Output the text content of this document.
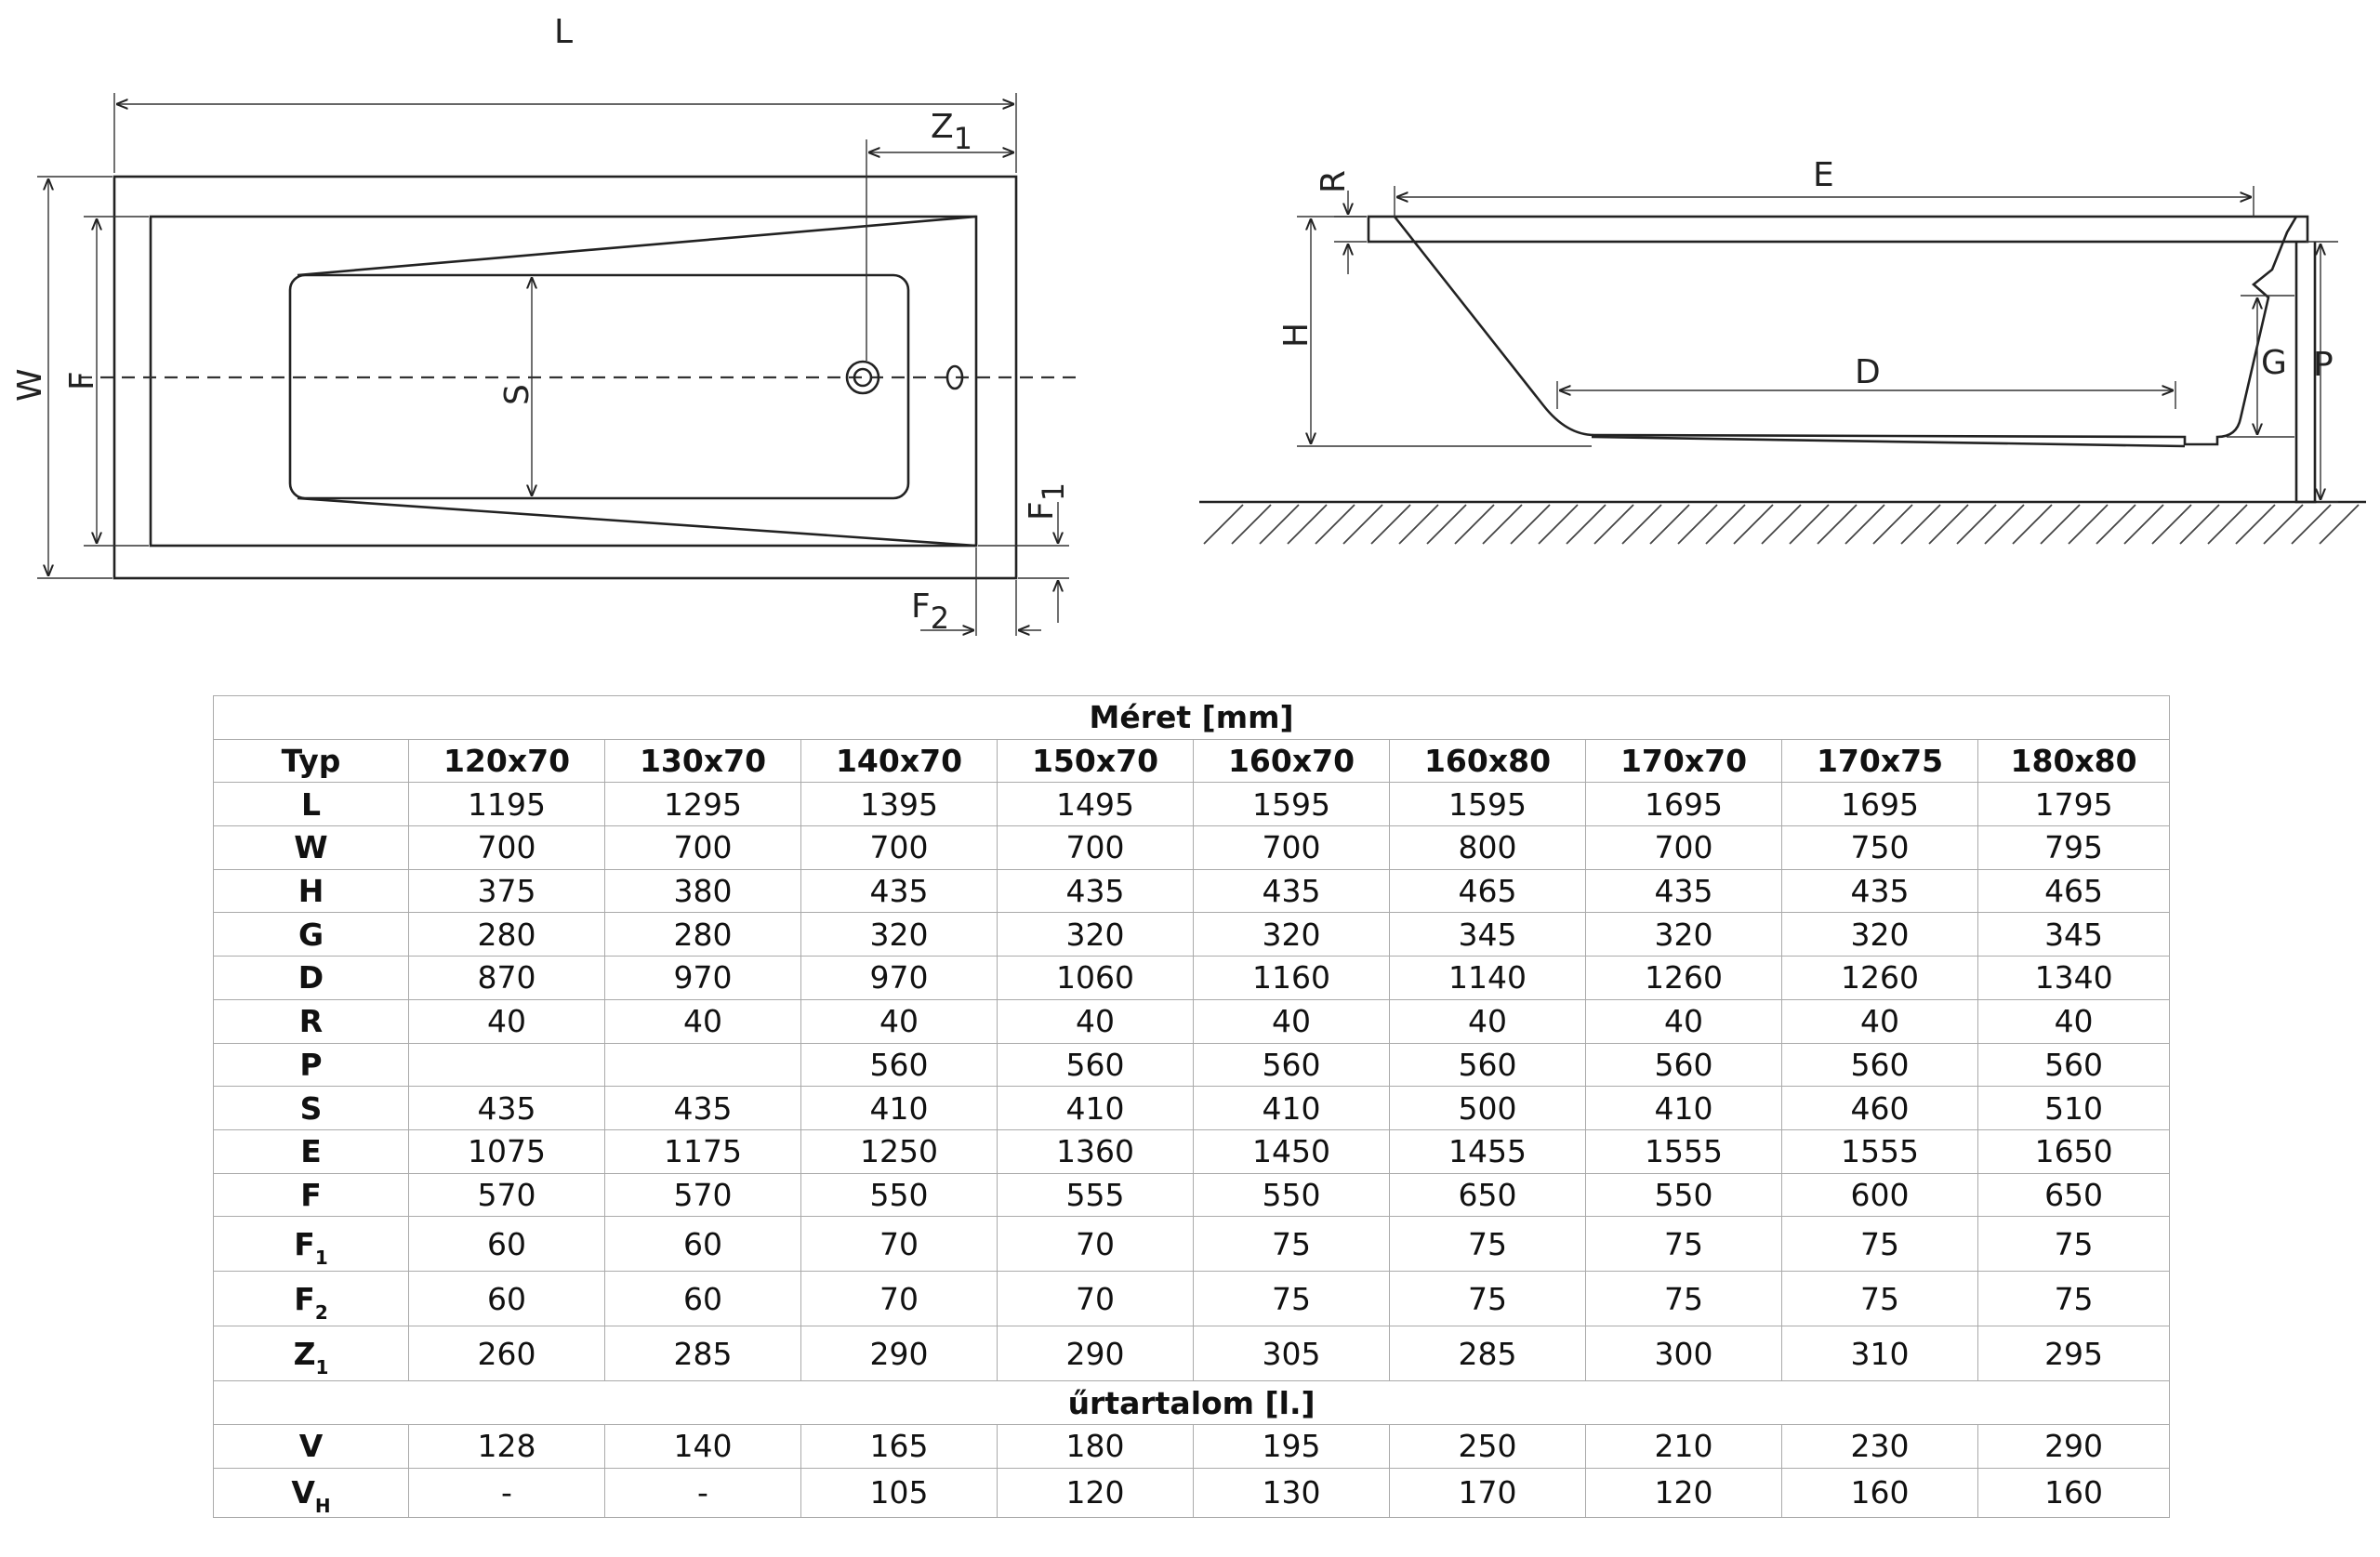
L
Z1
W F
S
F1
F2
R	E
H
D	G P
Méret [mm]									
Typ	120x70	130x70	140x70	150x70	160x70	160x80	170x70	170x75	180x80
L	1195	1295	1395	1495	1595	1595	1695	1695	1795
W	700	700	700	700	700	800	700	750	795
H	375	380	435	435	435	465	435	435	465
G	280	280	320	320	320	345	320	320	345
D	870	970	970	1060	1160	1140	1260	1260	1340
R	40	40	40	40	40	40	40	40	40
P			560	560	560	560	560	560	560
S	435	435	410	410	410	500	410	460	510
E	1075	1175	1250	1360	1450	1455	1555	1555	1650
F	570	570	550	555	550	650	550	600	650
$F_1$	60	60	70	70	75	75	75	75	75
$F_2$	60	60	70	70	75	75	75	75	75
$Z_1$	260	285	290	290	305	285	300	310	295
űrtartalom [l.]									
V	128	140	165	180	195	250	210	230	290
$V_H$	-	-	105	120	130	170	120	160	160
